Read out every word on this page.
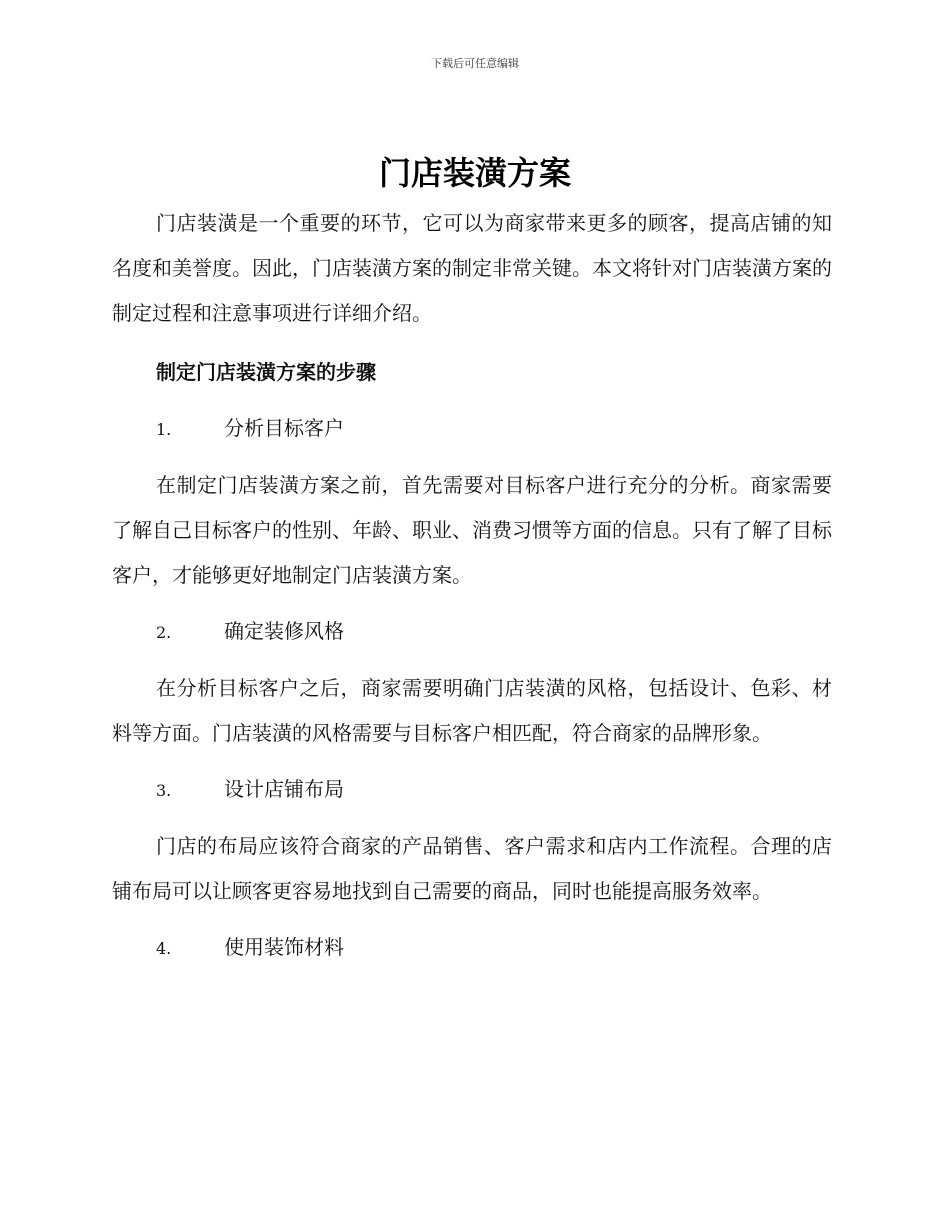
下载后可任意编辑
门店装潢方案

门店装潢是一个重要的环节，它可以为商家带来更多的顾客，提高店铺的知名度和美誉度。因此，门店装潢方案的制定非常关键。本文将针对门店装潢方案的制定过程和注意事项进行详细介绍。

制定门店装潢方案的步骤
1.	分析目标客户

在制定门店装潢方案之前，首先需要对目标客户进行充分的分析。商家需要了解自己目标客户的性别、年龄、职业、消费习惯等方面的信息。只有了解了目标客户，才能够更好地制定门店装潢方案。

2.	确定装修风格

在分析目标客户之后，商家需要明确门店装潢的风格，包括设计、色彩、材料等方面。门店装潢的风格需要与目标客户相匹配，符合商家的品牌形象。

3.	设计店铺布局

门店的布局应该符合商家的产品销售、客户需求和店内工作流程。合理的店铺布局可以让顾客更容易地找到自己需要的商品，同时也能提高服务效率。

4.	使用装饰材料
